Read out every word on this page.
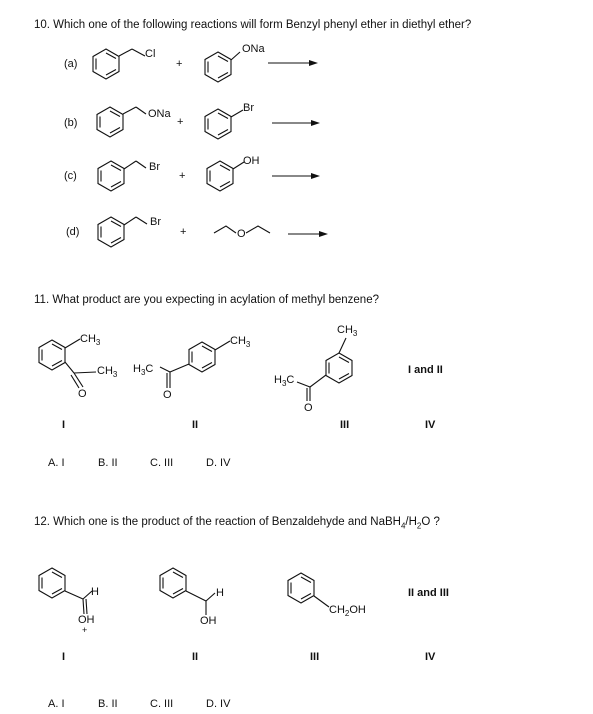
10. Which one of the following reactions will form Benzyl phenyl ether in diethyl ether?
(a)
Cl
+
ONa
(b)
ONa
+
Br
(c)
Br
+
OH
(d)
Br
+	O
11. What product are you expecting in acylation of methyl benzene?
$CH_3$
$CH_3$
O
$CH_3$
$H_3C$
O
$CH_3$
$H_3C$
O
I and II
I	II	III	IV
A. I	B. II	C. III	D. IV
12. Which one is the product of the reaction of Benzaldehyde and $NaBH_4/H_2O$ ?
H
OH
+
H
OH
$CH_2OH$
II and III
I	II	III	IV
A. I	B. II	C. III	D. IV
